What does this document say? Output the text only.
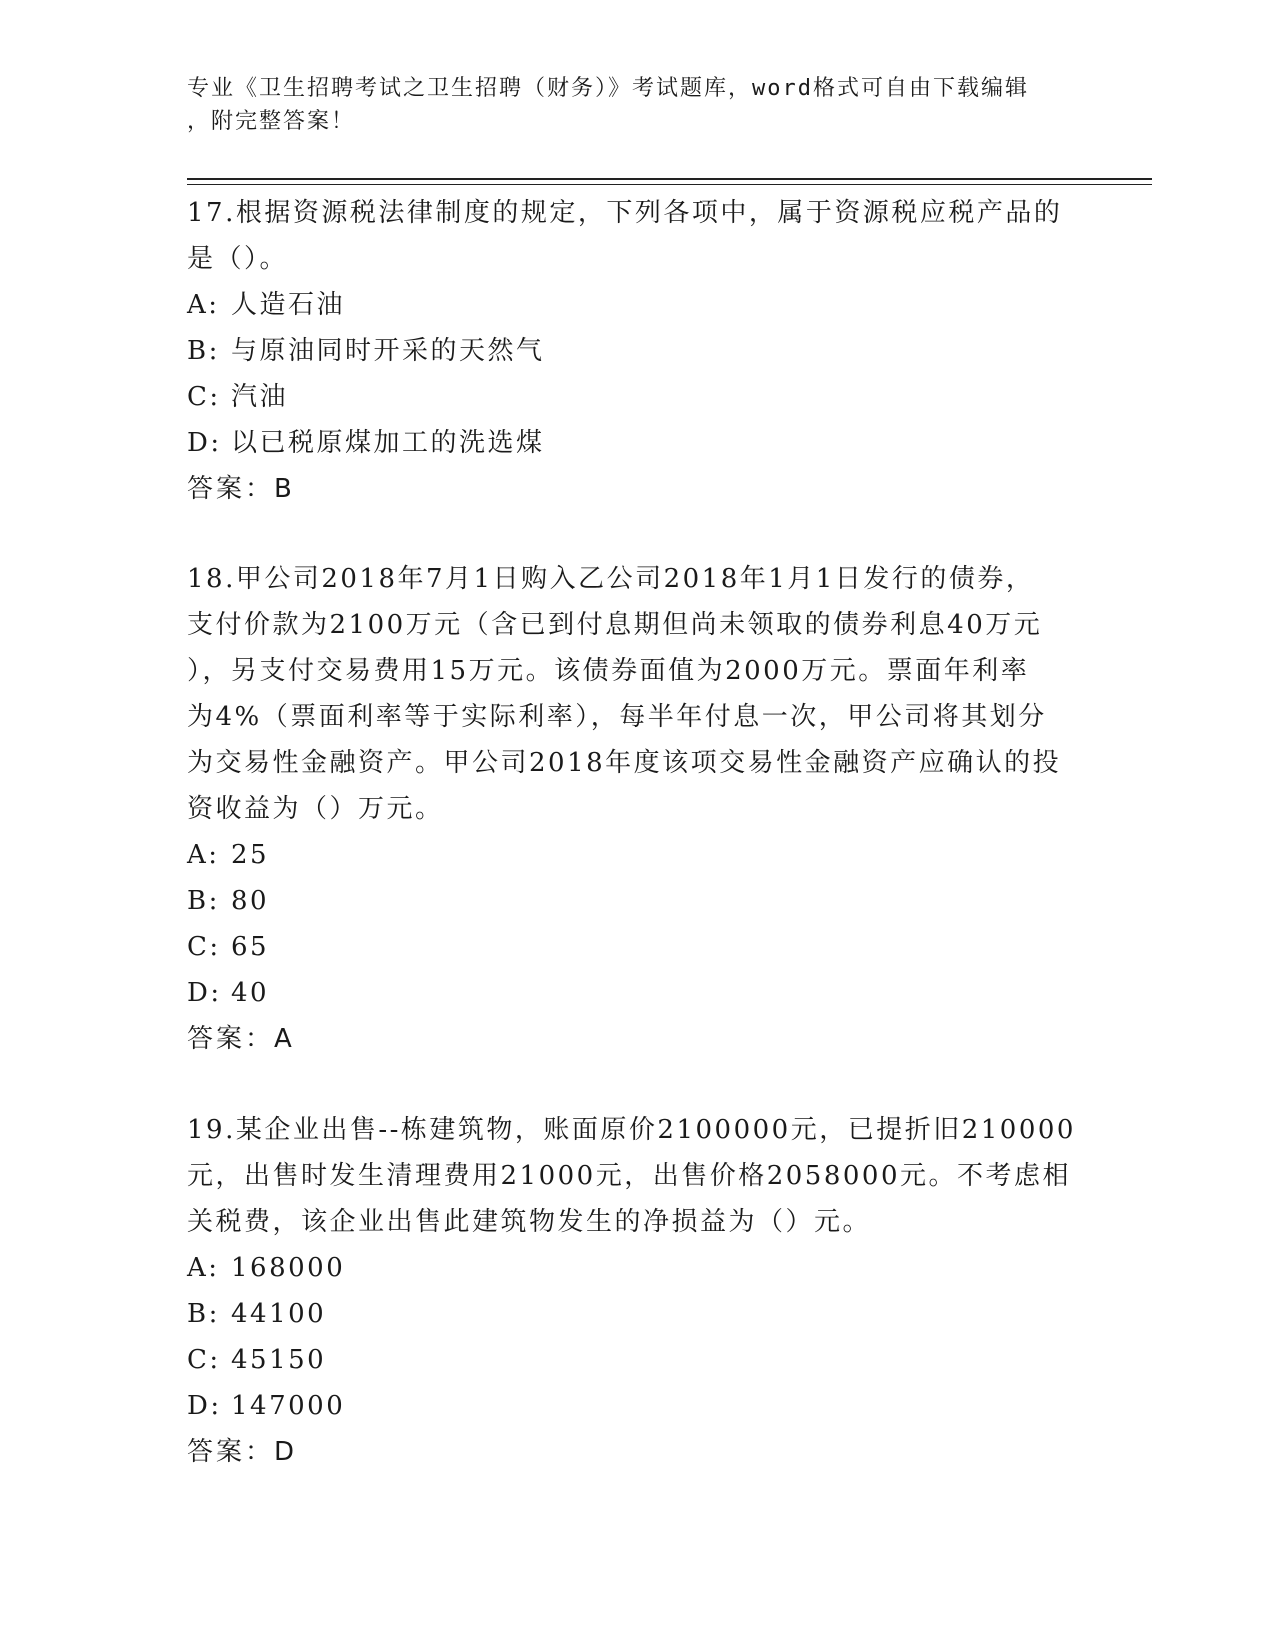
专业《卫生招聘考试之卫生招聘（财务）》考试题库，word格式可自由下载编辑
，附完整答案！

17.根据资源税法律制度的规定，下列各项中，属于资源税应税产品的

是（）。

A: 人造石油

B: 与原油同时开采的天然气

C: 汽油

D: 以已税原煤加工的洗选煤

答案：B

18.甲公司2018年7月1日购入乙公司2018年1月1日发行的债券，

支付价款为2100万元（含已到付息期但尚未领取的债券利息40万元

），另支付交易费用15万元。该债券面值为2000万元。票面年利率

为4%（票面利率等于实际利率），每半年付息一次，甲公司将其划分

为交易性金融资产。甲公司2018年度该项交易性金融资产应确认的投

资收益为（）万元。

A: 25

B: 80

C: 65

D: 40

答案：A

19.某企业出售--栋建筑物，账面原价2100000元，已提折旧210000

元，出售时发生清理费用21000元，出售价格2058000元。不考虑相

关税费，该企业出售此建筑物发生的净损益为（）元。

A: 168000

B: 44100

C: 45150

D: 147000

答案：D
